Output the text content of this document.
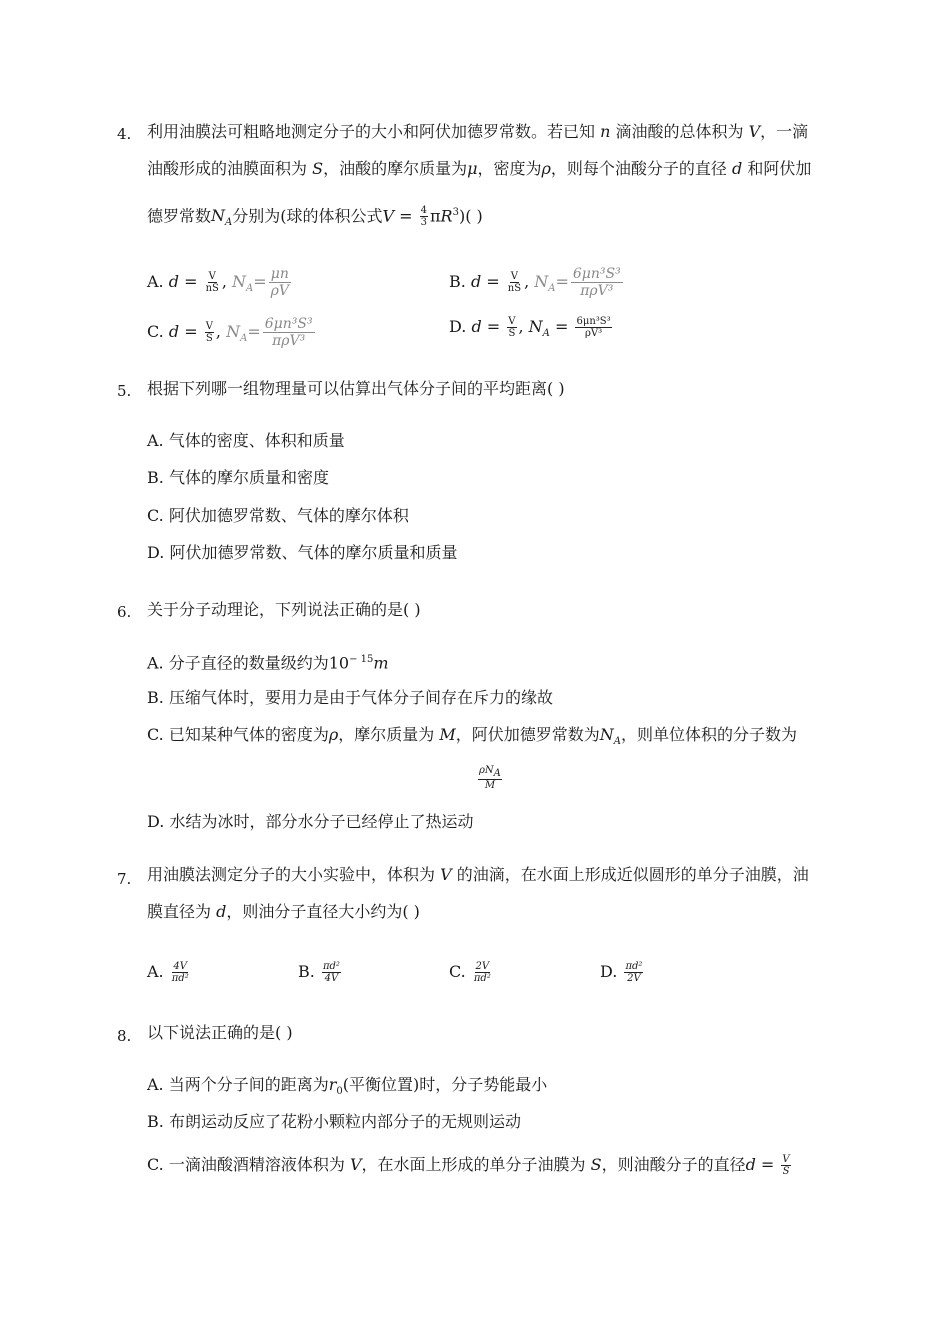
4. 利用油膜法可粗略地测定分子的大小和阿伏加德罗常数。若已知 n 滴油酸的总体积为 V，一滴
油酸形成的油膜面积为 S，油酸的摩尔质量为μ，密度为ρ，则每个油酸分子的直径 d 和阿伏加
德罗常数$N_A$分别为(球的体积公式$V = \frac{4}{3} \pi R^3$)( )
A. $d = \frac{V}{nS}$ , $N_A= \frac{\mu n}{\rho V}$	B. $d = \frac{V}{nS}$ , $N_A= 6\mu n^3S^3$
πρV³
C. $d = \frac{V}{S}$ , $N_A= 6\mu n^3S^3$
πρV³
D. $d = \frac{V}{S}$ , $N_A = \frac{\text{6μn³S³}}{\text{ρV³}}$
5. 根据下列哪一组物理量可以估算出气体分子间的平均距离( )
A. 气体的密度、体积和质量
B. 气体的摩尔质量和密度
C. 阿伏加德罗常数、气体的摩尔体积
D. 阿伏加德罗常数、气体的摩尔质量和质量
6. 关于分子动理论，下列说法正确的是( )
A. 分子直径的数量级约为$10^{- 15}m$
B. 压缩气体时，要用力是由于气体分子间存在斥力的缘故
C. 已知某种气体的密度为ρ，摩尔质量为 M，阿伏加德罗常数为$N_A$，则单位体积的分子数为
$\frac{\rho N_A}{M}$
D. 水结为冰时，部分水分子已经停止了热运动
7. 用油膜法测定分子的大小实验中，体积为 V 的油滴，在水面上形成近似圆形的单分子油膜，油
膜直径为 d，则油分子直径大小约为( )
A. $\frac{4V}{\text{πd²}}$	B. $\frac{\text{πd²}}{4V}$	C. $\frac{2V}{\text{πd²}}$	D. $\frac{\text{πd²}}{2V}$
8. 以下说法正确的是( )
A. 当两个分子间的距离为$r_0$(平衡位置)时，分子势能最小
B. 布朗运动反应了花粉小颗粒内部分子的无规则运动
C. 一滴油酸酒精溶液体积为 V，在水面上形成的单分子油膜为 S，则油酸分子的直径$d = \frac{V}{S}$
